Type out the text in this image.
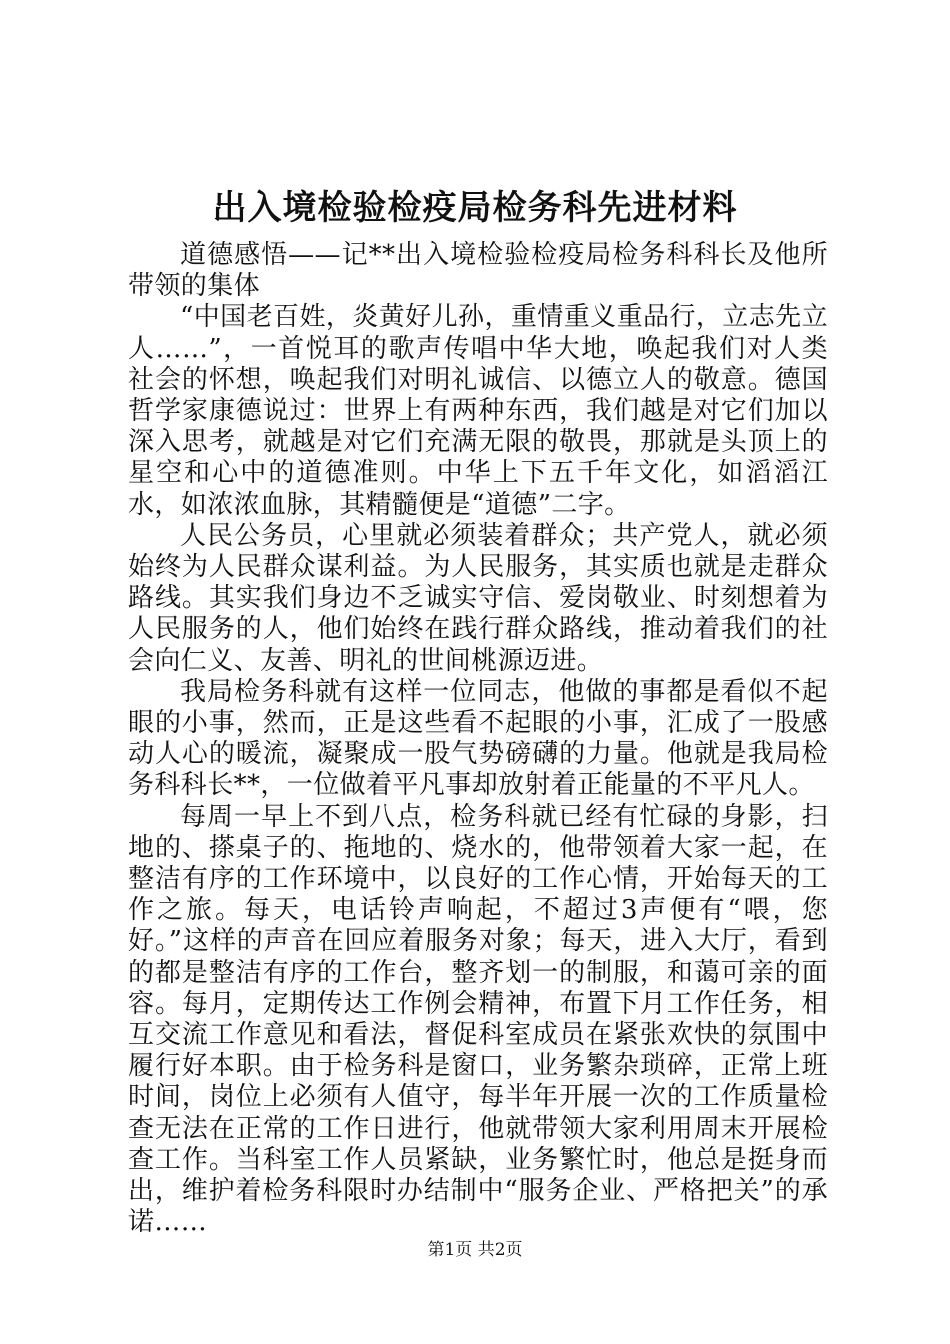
出入境检验检疫局检务科先进材料

道德感悟——记**出入境检验检疫局检务科科长及他所带领的集体

“中国老百姓，炎黄好儿孙，重情重义重品行，立志先立人……”，一首悦耳的歌声传唱中华大地，唤起我们对人类社会的怀想，唤起我们对明礼诚信、以德立人的敬意。德国哲学家康德说过：世界上有两种东西，我们越是对它们加以深入思考，就越是对它们充满无限的敬畏，那就是头顶上的星空和心中的道德准则。中华上下五千年文化，如滔滔江水，如浓浓血脉，其精髓便是“道德”二字。

人民公务员，心里就必须装着群众；共产党人，就必须始终为人民群众谋利益。为人民服务，其实质也就是走群众路线。其实我们身边不乏诚实守信、爱岗敬业、时刻想着为人民服务的人，他们始终在践行群众路线，推动着我们的社会向仁义、友善、明礼的世间桃源迈进。

我局检务科就有这样一位同志，他做的事都是看似不起眼的小事，然而，正是这些看不起眼的小事，汇成了一股感动人心的暖流，凝聚成一股气势磅礴的力量。他就是我局检务科科长**，一位做着平凡事却放射着正能量的不平凡人。

每周一早上不到八点，检务科就已经有忙碌的身影，扫地的、搽桌子的、拖地的、烧水的，他带领着大家一起，在整洁有序的工作环境中，以良好的工作心情，开始每天的工作之旅。每天，电话铃声响起，不超过3声便有“喂，您好。”这样的声音在回应着服务对象；每天，进入大厅，看到的都是整洁有序的工作台，整齐划一的制服，和蔼可亲的面容。每月，定期传达工作例会精神，布置下月工作任务，相互交流工作意见和看法，督促科室成员在紧张欢快的氛围中履行好本职。由于检务科是窗口，业务繁杂琐碎，正常上班时间，岗位上必须有人值守，每半年开展一次的工作质量检查无法在正常的工作日进行，他就带领大家利用周末开展检查工作。当科室工作人员紧缺，业务繁忙时，他总是挺身而出，维护着检务科限时办结制中“服务企业、严格把关”的承诺……

第1页 共2页
